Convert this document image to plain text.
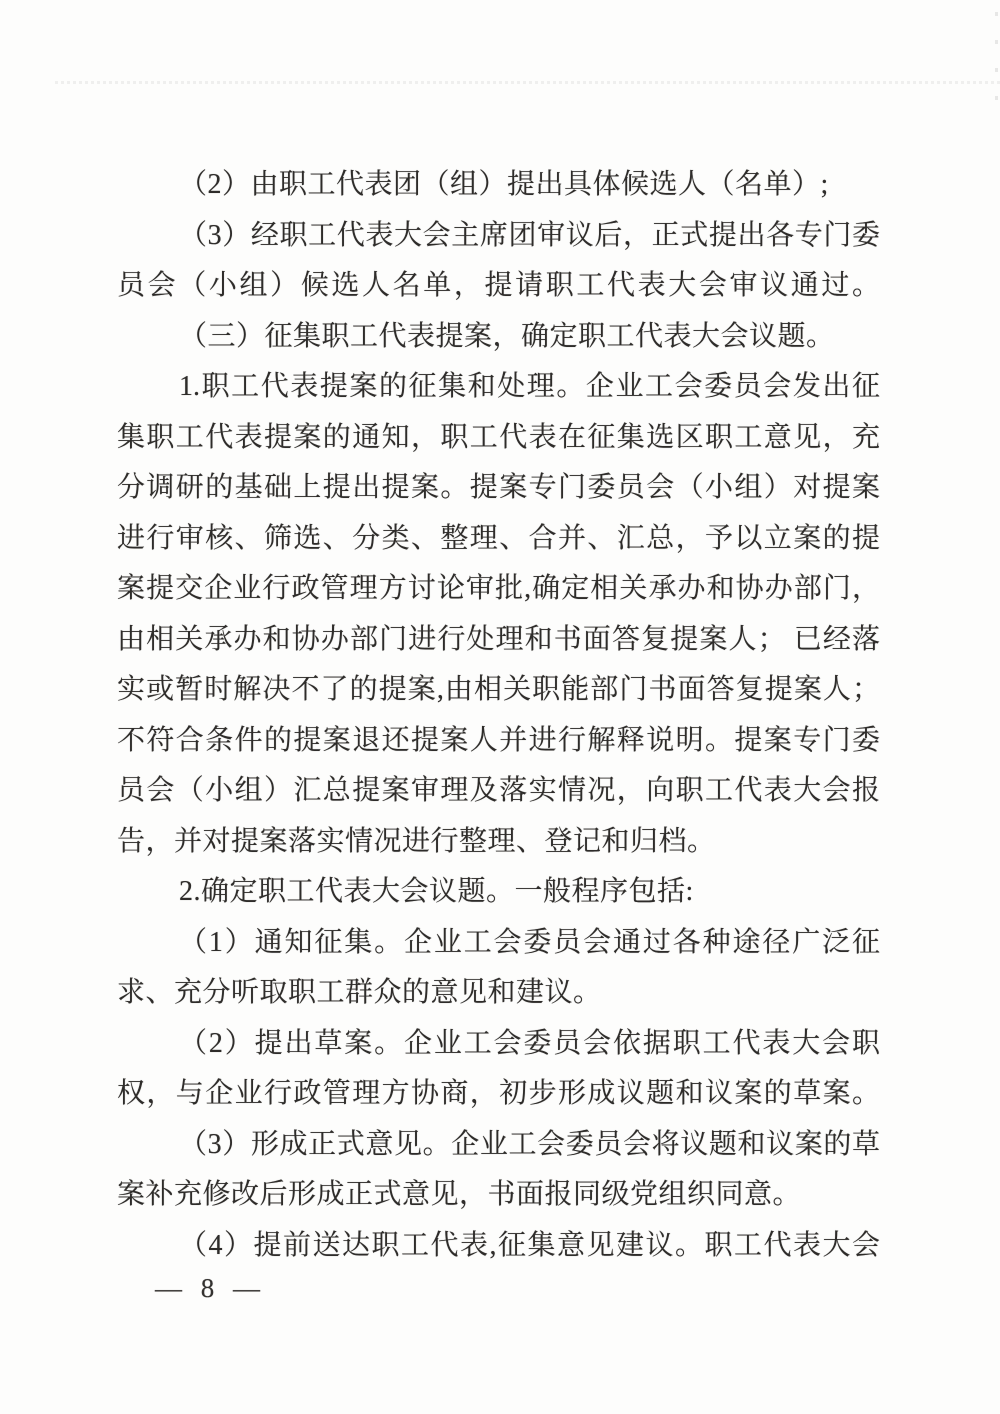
（2）由职工代表团（组）提出具体候选人（名单）;
（3）经职工代表大会主席团审议后，正式提出各专门委
员会（小组）候选人名单，提请职工代表大会审议通过。
（三）征集职工代表提案，确定职工代表大会议题。
1.职工代表提案的征集和处理。企业工会委员会发出征
集职工代表提案的通知，职工代表在征集选区职工意见，充
分调研的基础上提出提案。提案专门委员会（小组）对提案
进行审核、筛选、分类、整理、合并、汇总，予以立案的提
案提交企业行政管理方讨论审批,确定相关承办和协办部门，
由相关承办和协办部门进行处理和书面答复提案人； 已经落
实或暂时解决不了的提案,由相关职能部门书面答复提案人；
不符合条件的提案退还提案人并进行解释说明。提案专门委
员会（小组）汇总提案审理及落实情况，向职工代表大会报
告，并对提案落实情况进行整理、登记和归档。
2.确定职工代表大会议题。一般程序包括:
（1）通知征集。企业工会委员会通过各种途径广泛征
求、充分听取职工群众的意见和建议。
（2）提出草案。企业工会委员会依据职工代表大会职
权，与企业行政管理方协商，初步形成议题和议案的草案。
（3）形成正式意见。企业工会委员会将议题和议案的草
案补充修改后形成正式意见，书面报同级党组织同意。
（4）提前送达职工代表,征集意见建议。职工代表大会
— 8 —
